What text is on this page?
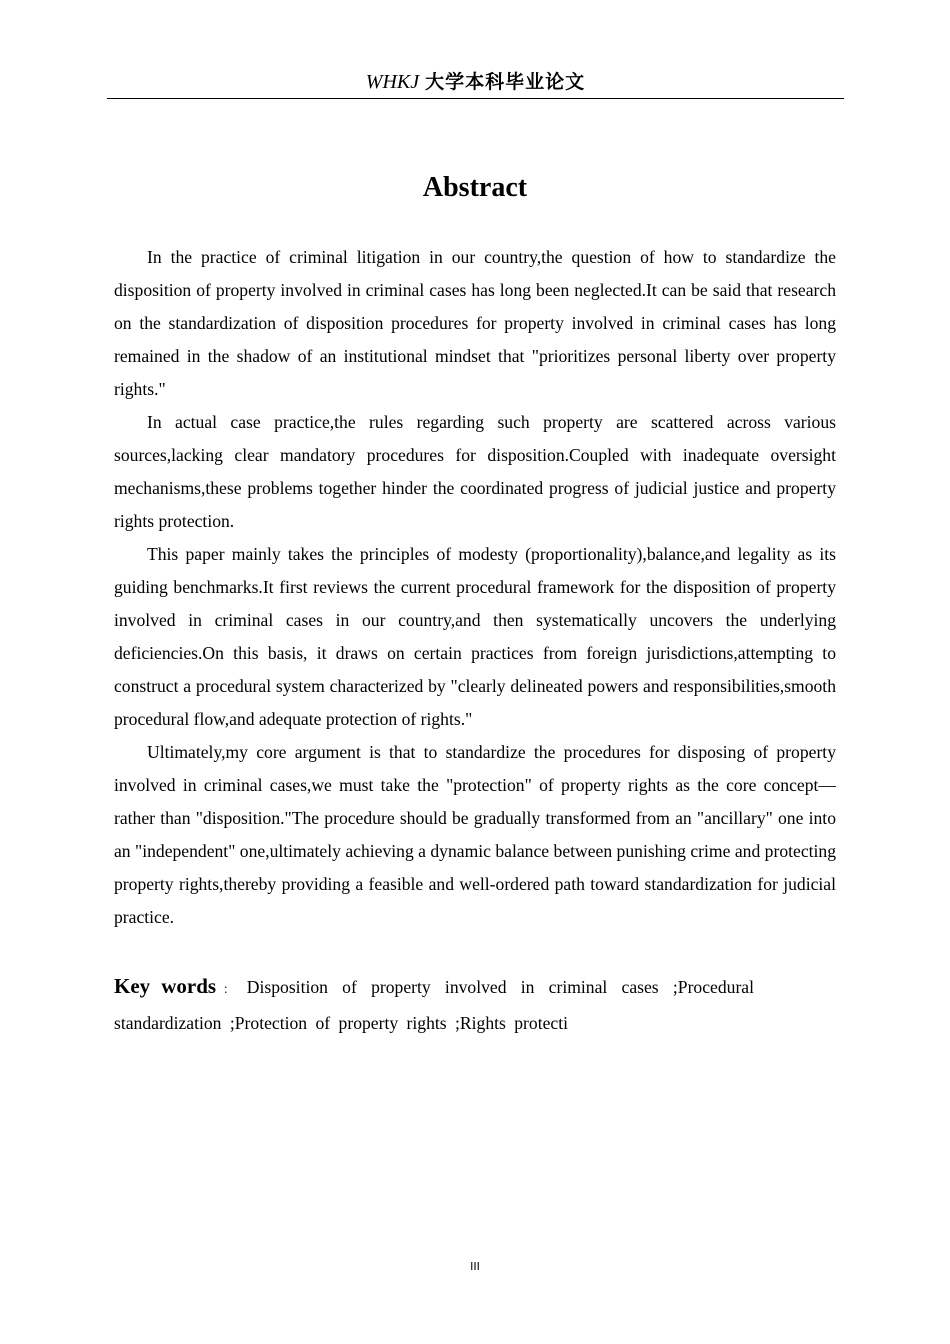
WHKJ 大学本科毕业论文
Abstract

In the practice of criminal litigation in our country,the question of how to standardize the disposition of property involved in criminal cases has long been neglected.It can be said that research on the standardization of disposition procedures for property involved in criminal cases has long remained in the shadow of an institutional mindset that "prioritizes personal liberty over property rights."

In actual case practice,the rules regarding such property are scattered across various sources,lacking clear mandatory procedures for disposition.Coupled with inadequate oversight mechanisms,these problems together hinder the coordinated progress of judicial justice and property rights protection.

This paper mainly takes the principles of modesty (proportionality),balance,and legality as its guiding benchmarks.It first reviews the current procedural framework for the disposition of property involved in criminal cases in our country,and then systematically uncovers the underlying deficiencies.On this basis, it draws on certain practices from foreign jurisdictions,attempting to construct a procedural system characterized by "clearly delineated powers and responsibilities,smooth procedural flow,and adequate protection of rights."

Ultimately,my core argument is that to standardize the procedures for disposing of property involved in criminal cases,we must take the "protection" of property rights as the core concept—rather than "disposition."The procedure should be gradually transformed from an "ancillary" one into an "independent" one,ultimately achieving a dynamic balance between punishing crime and protecting property rights,thereby providing a feasible and well-ordered path toward standardization for judicial practice.

Key words： Disposition of property involved in criminal cases ;Procedural standardization ;Protection of property rights ;Rights protecti
III
